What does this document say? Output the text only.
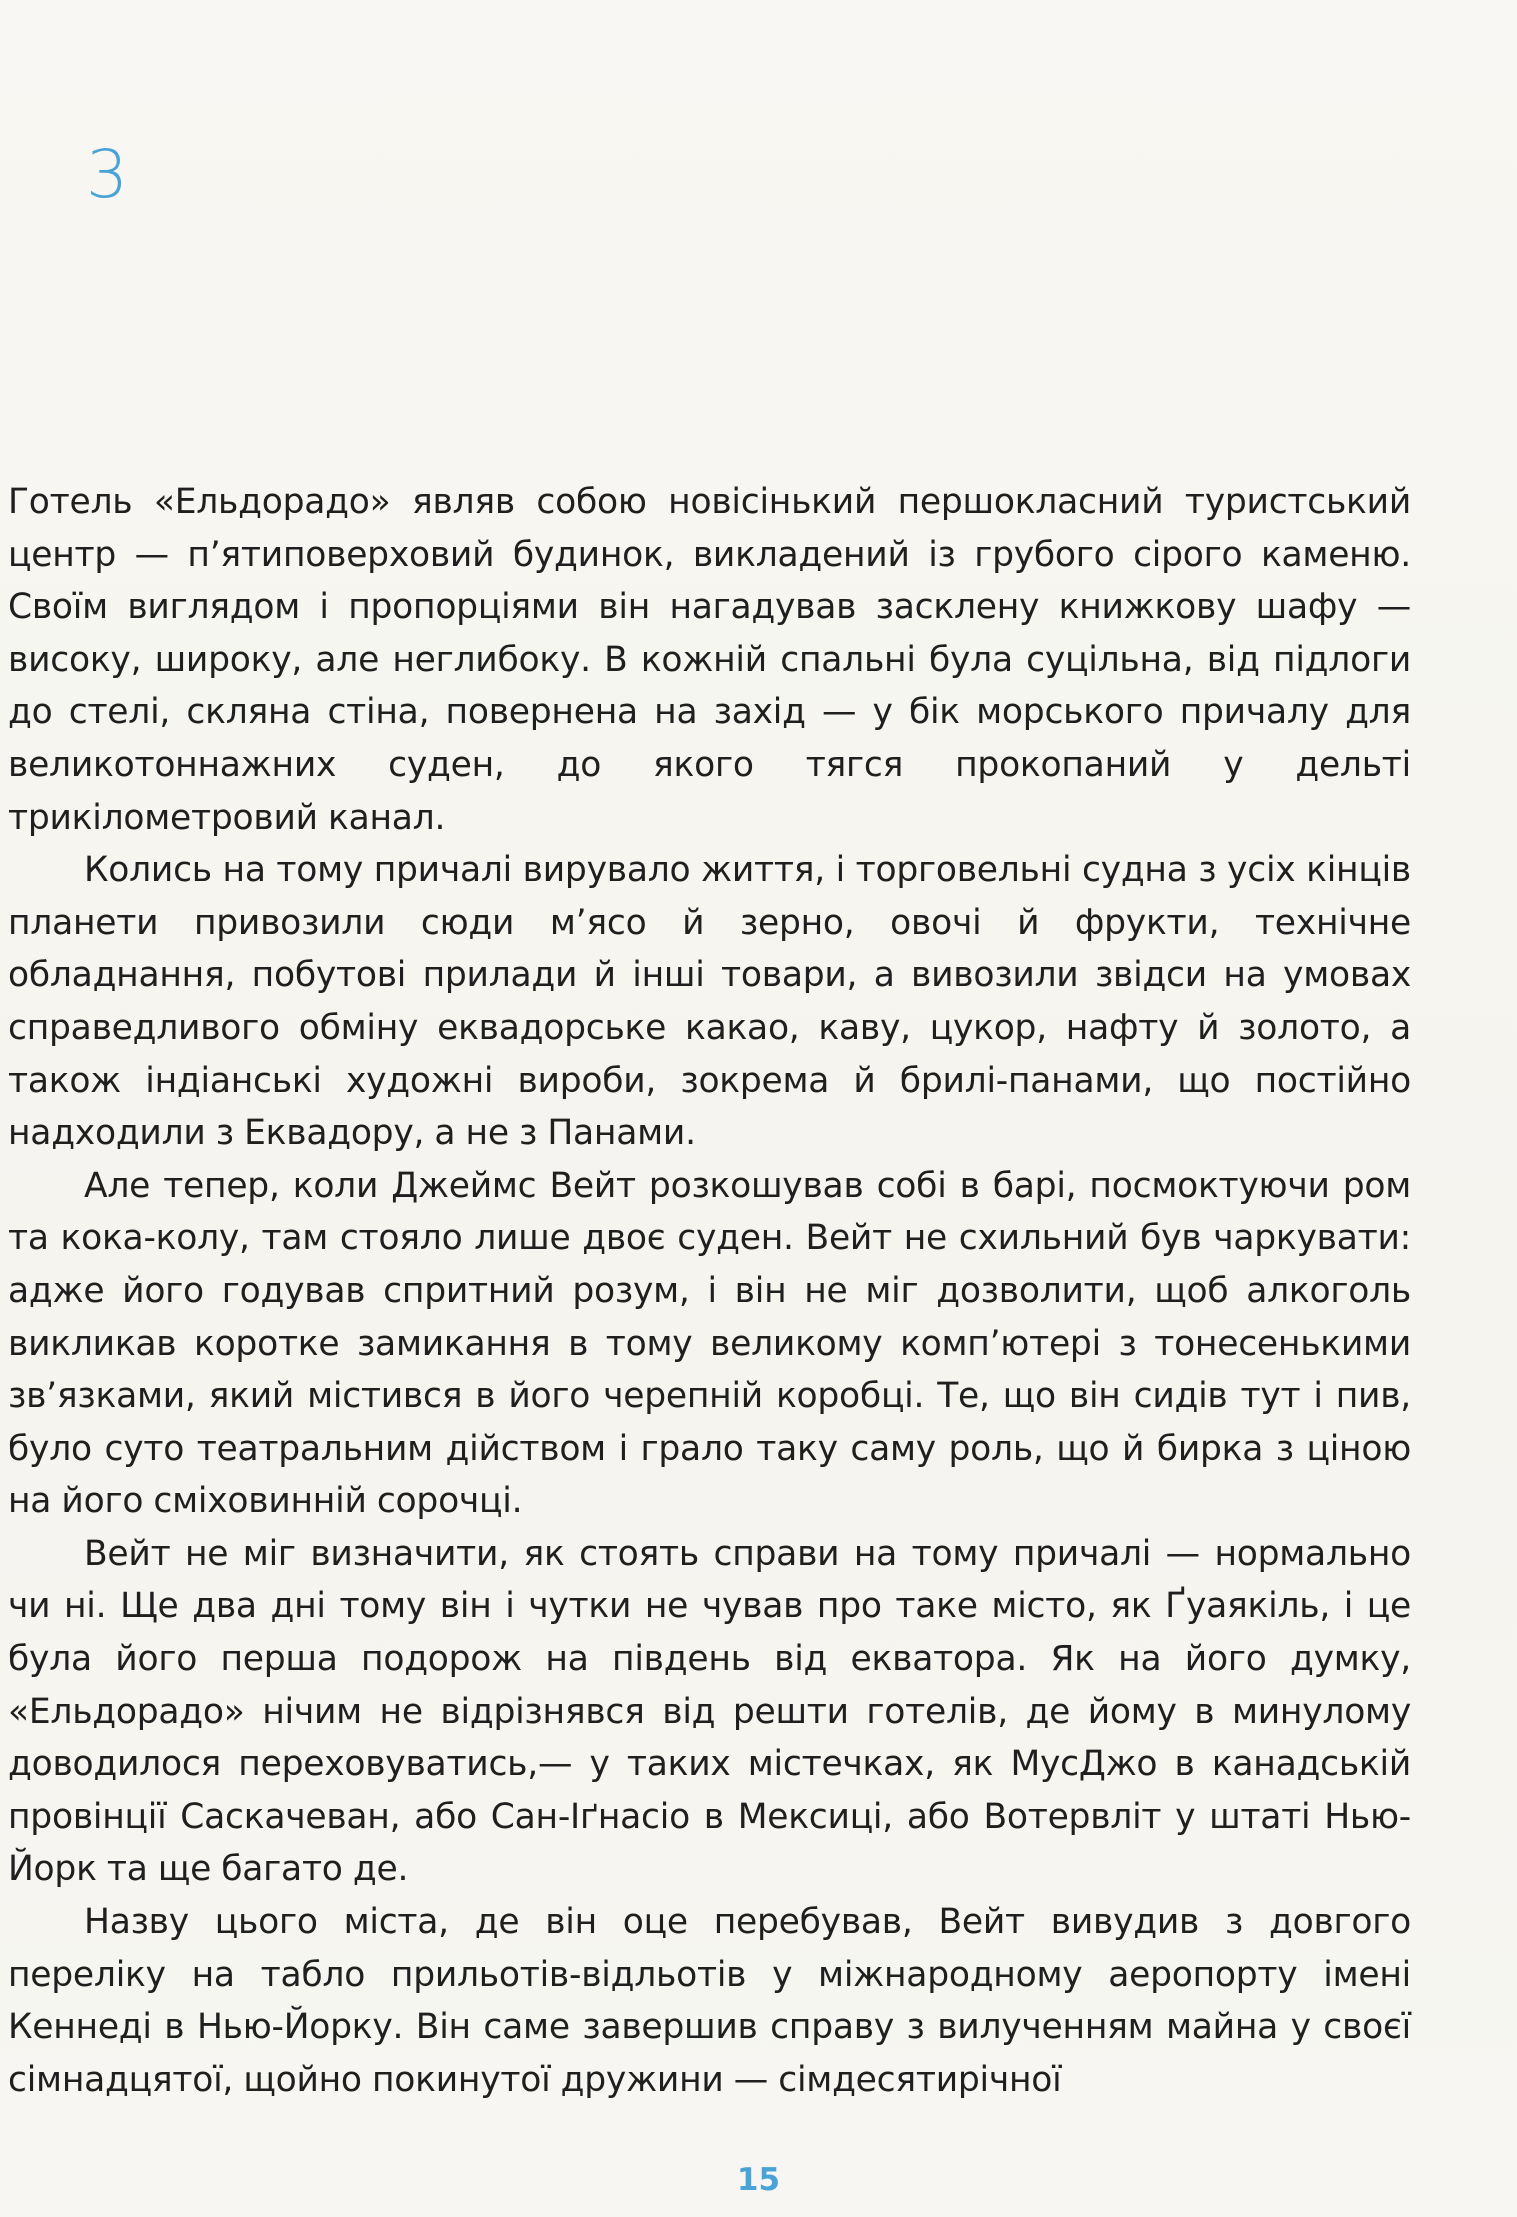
3

Готель «Ельдорадо» являв собою новісінький першокласний туристський центр — п’ятиповерховий будинок, викладений із грубого сірого каменю. Своїм виглядом і пропорціями він нагадував засклену книжкову шафу — високу, широку, але неглибоку. В кожній спальні була суцільна, від підлоги до стелі, скляна стіна, повернена на захід — у бік морського причалу для великотоннажних суден, до якого тягся прокопаний у дельті трикілометровий канал.

Колись на тому причалі вирувало життя, і торговельні судна з усіх кінців планети привозили сюди м’ясо й зерно, овочі й фрукти, технічне обладнання, побутові прилади й інші товари, а вивозили звідси на умовах справедливого обміну еквадорське какао, каву, цукор, нафту й золото, а також індіанські художні вироби, зокрема й брилі-панами, що постійно надходили з Еквадору, а не з Панами.

Але тепер, коли Джеймс Вейт розкошував собі в барі, посмоктуючи ром та кока-колу, там стояло лише двоє суден. Вейт не схильний був чаркувати: адже його годував спритний розум, і він не міг дозволити, щоб алкоголь викликав коротке замикання в тому великому комп’ютері з тонесенькими зв’язками, який містився в його черепній коробці. Те, що він сидів тут і пив, було суто театральним дійством і грало таку саму роль, що й бирка з ціною на його сміховинній сорочці.

Вейт не міг визначити, як стоять справи на тому причалі — нормально чи ні. Ще два дні тому він і чутки не чував про таке місто, як Ґуаякіль, і це була його перша подорож на південь від екватора. Як на його думку, «Ельдорадо» нічим не відрізнявся від решти готелів, де йому в минулому доводилося переховуватись,— у таких містечках, як МусДжо в канадській провінції Саскачеван, або Сан-Іґнасіо в Мексиці, або Вотервліт у штаті Нью-Йорк та ще багато де.

Назву цього міста, де він оце перебував, Вейт вивудив з довгого переліку на табло прильотів-відльотів у міжнародному аеропорту імені Кеннеді в Нью-Йорку. Він саме завершив справу з вилученням майна у своєї сімнадцятої, щойно покинутої дружини — сімдесятирічної

15
